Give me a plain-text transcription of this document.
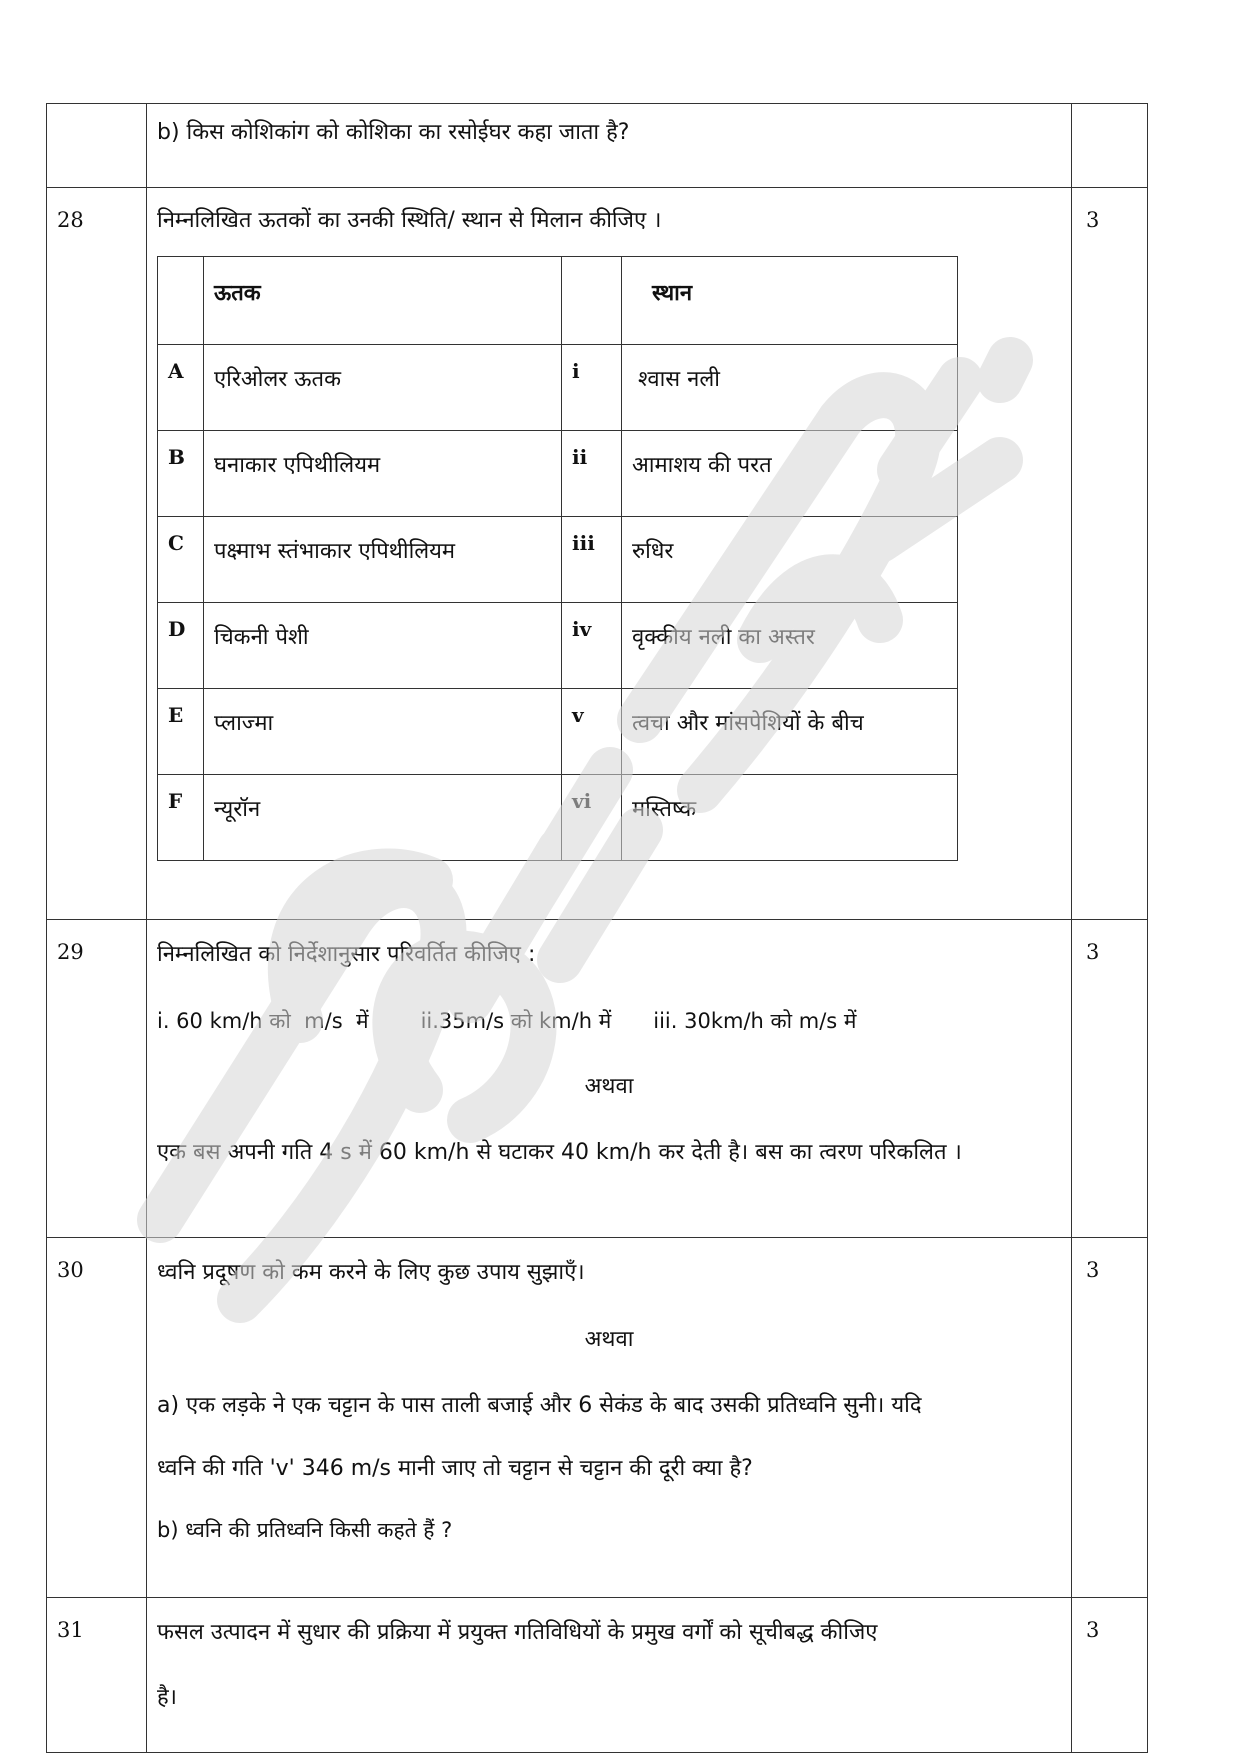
b) किस कोशिकांग को कोशिका का रसोईघर कहा जाता है?

28	निम्नलिखित ऊतकों का उनकी स्थिति/ स्थान से मिलान कीजिए ।
	ऊतक		स्थान
A	एरिओलर ऊतक	i	श्वास नली
B	घनाकार एपिथीलियम	ii	आमाशय की परत
C	पक्ष्माभ स्तंभाकार एपिथीलियम	iii	रुधिर
D	चिकनी पेशी	iv	वृक्कीय नली का अस्तर
E	प्लाज्मा	v	त्वचा और मांसपेशियों के बीच
F	न्यूरॉन	vi	मस्तिष्क

3

29	निम्नलिखित को निर्देशानुसार परिवर्तित कीजिए :
i. 60 km/h को  m/s  में ii.35m/s को km/h में iii. 30km/h को m/s में
अथवा
एक बस अपनी गति 4 s में 60 km/h से घटाकर 40 km/h कर देती है। बस का त्वरण परिकलित ।

3

30	ध्वनि प्रदूषण को कम करने के लिए कुछ उपाय सुझाएँ।
अथवा
a) एक लड़के ने एक चट्टान के पास ताली बजाई और 6 सेकंड के बाद उसकी प्रतिध्वनि सुनी। यदि
ध्वनि की गति 'v' 346 m/s मानी जाए तो चट्टान से चट्टान की दूरी क्या है?
b) ध्वनि की प्रतिध्वनि किसी कहते हैं ?

3

31	फसल उत्पादन में सुधार की प्रक्रिया में प्रयुक्त गतिविधियों के प्रमुख वर्गों को सूचीबद्ध कीजिए
है।

3
